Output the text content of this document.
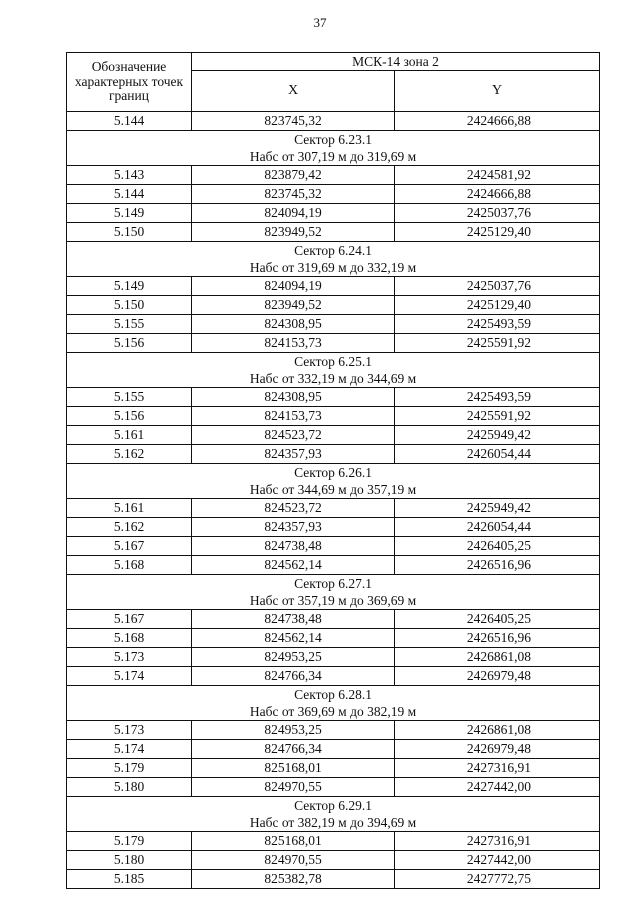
37
Обозначение характерных точек границ	МСК-14 зона 2	
	X	Y
5.144	823745,32	2424666,88
Сектор 6.23.1		
Набс от 307,19 м до 319,69 м		
5.143	823879,42	2424581,92
5.144	823745,32	2424666,88
5.149	824094,19	2425037,76
5.150	823949,52	2425129,40
Сектор 6.24.1		
Набс от 319,69 м до 332,19 м		
5.149	824094,19	2425037,76
5.150	823949,52	2425129,40
5.155	824308,95	2425493,59
5.156	824153,73	2425591,92
Сектор 6.25.1		
Набс от 332,19 м до 344,69 м		
5.155	824308,95	2425493,59
5.156	824153,73	2425591,92
5.161	824523,72	2425949,42
5.162	824357,93	2426054,44
Сектор 6.26.1		
Набс от 344,69 м до 357,19 м		
5.161	824523,72	2425949,42
5.162	824357,93	2426054,44
5.167	824738,48	2426405,25
5.168	824562,14	2426516,96
Сектор 6.27.1		
Набс от 357,19 м до 369,69 м		
5.167	824738,48	2426405,25
5.168	824562,14	2426516,96
5.173	824953,25	2426861,08
5.174	824766,34	2426979,48
Сектор 6.28.1		
Набс от 369,69 м до 382,19 м		
5.173	824953,25	2426861,08
5.174	824766,34	2426979,48
5.179	825168,01	2427316,91
5.180	824970,55	2427442,00
Сектор 6.29.1		
Набс от 382,19 м до 394,69 м		
5.179	825168,01	2427316,91
5.180	824970,55	2427442,00
5.185	825382,78	2427772,75
